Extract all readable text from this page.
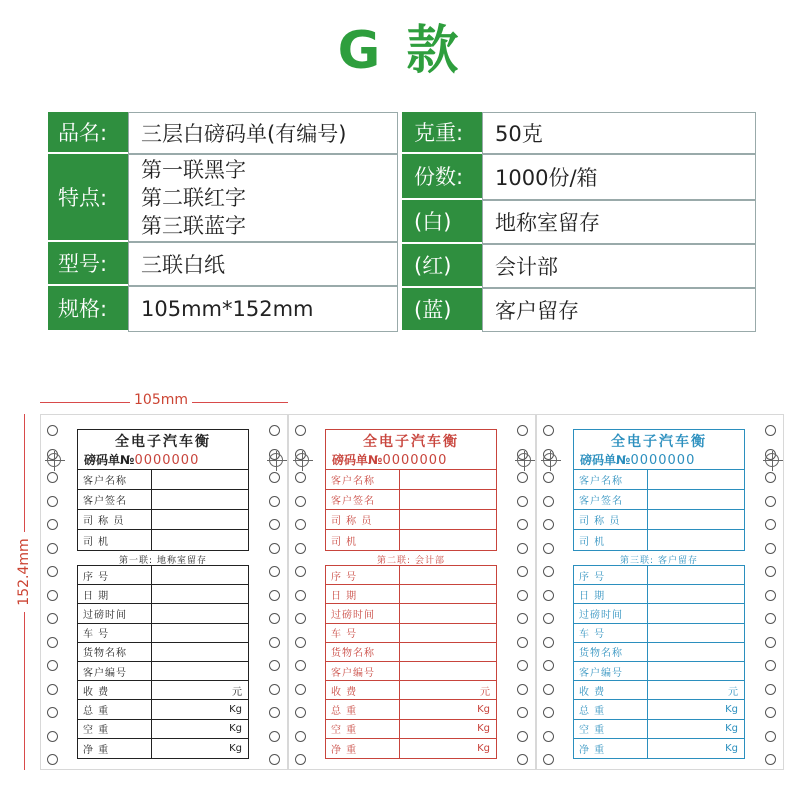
G 款
品名:	三层白磅码单(有编号)
特点:
第一联黑字
第二联红字
第三联蓝字
型号:	三联白纸
规格:	105mm*152mm
克重:	50克
份数:	1000份/箱
(白)	地称室留存
(红)	会计部
(蓝)	客户留存
105mm
152.4mm
全电子汽车衡
磅码单№0000000
客户名称
客户签名
司 称 员
司 机
第一联: 地称室留存
序 号
日 期
过磅时间
车 号
货物名称
客户编号
收 费	元
总 重	Kg
空 重	Kg
净 重	Kg
全电子汽车衡
磅码单№0000000
客户名称
客户签名
司 称 员
司 机
第二联: 会计部
序 号
日 期
过磅时间
车 号
货物名称
客户编号
收 费	元
总 重	Kg
空 重	Kg
净 重	Kg
全电子汽车衡
磅码单№0000000
客户名称
客户签名
司 称 员
司 机
第三联: 客户留存
序 号
日 期
过磅时间
车 号
货物名称
客户编号
收 费	元
总 重	Kg
空 重	Kg
净 重	Kg
